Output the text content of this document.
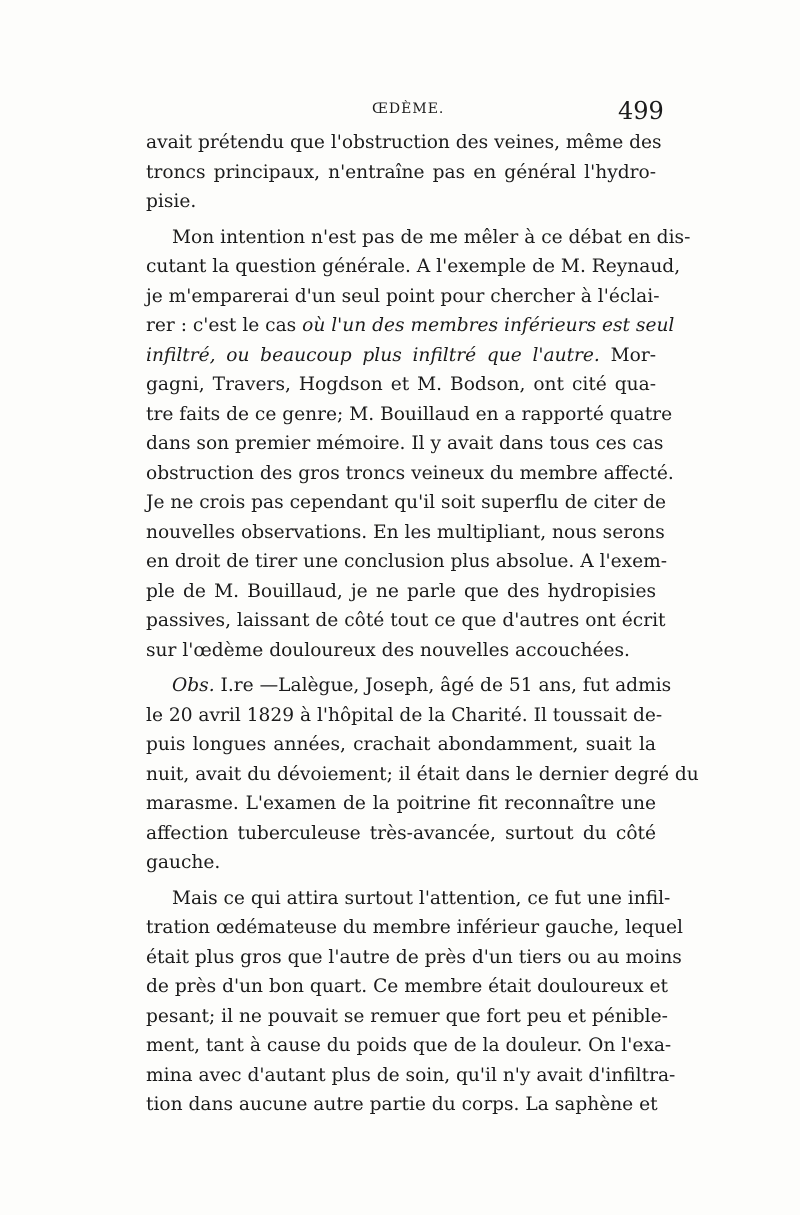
ŒDÈME.	499
avait prétendu que l'obstruction des veines, même des
troncs principaux, n'entraîne pas en général l'hydro-
pisie.
Mon intention n'est pas de me mêler à ce débat en dis-
cutant la question générale. A l'exemple de M. Reynaud,
je m'emparerai d'un seul point pour chercher à l'éclai-
rer : c'est le cas où l'un des membres inférieurs est seul
infiltré, ou beaucoup plus infiltré que l'autre. Mor-
gagni, Travers, Hogdson et M. Bodson, ont cité qua-
tre faits de ce genre; M. Bouillaud en a rapporté quatre
dans son premier mémoire. Il y avait dans tous ces cas
obstruction des gros troncs veineux du membre affecté.
Je ne crois pas cependant qu'il soit superflu de citer de
nouvelles observations. En les multipliant, nous serons
en droit de tirer une conclusion plus absolue. A l'exem-
ple de M. Bouillaud, je ne parle que des hydropisies
passives, laissant de côté tout ce que d'autres ont écrit
sur l'œdème douloureux des nouvelles accouchées.
Obs. I.re —Lalègue, Joseph, âgé de 51 ans, fut admis
le 20 avril 1829 à l'hôpital de la Charité. Il toussait de-
puis longues années, crachait abondamment, suait la
nuit, avait du dévoiement; il était dans le dernier degré du
marasme. L'examen de la poitrine fit reconnaître une
affection tuberculeuse très-avancée, surtout du côté
gauche.
Mais ce qui attira surtout l'attention, ce fut une infil-
tration œdémateuse du membre inférieur gauche, lequel
était plus gros que l'autre de près d'un tiers ou au moins
de près d'un bon quart. Ce membre était douloureux et
pesant; il ne pouvait se remuer que fort peu et pénible-
ment, tant à cause du poids que de la douleur. On l'exa-
mina avec d'autant plus de soin, qu'il n'y avait d'infiltra-
tion dans aucune autre partie du corps. La saphène et
